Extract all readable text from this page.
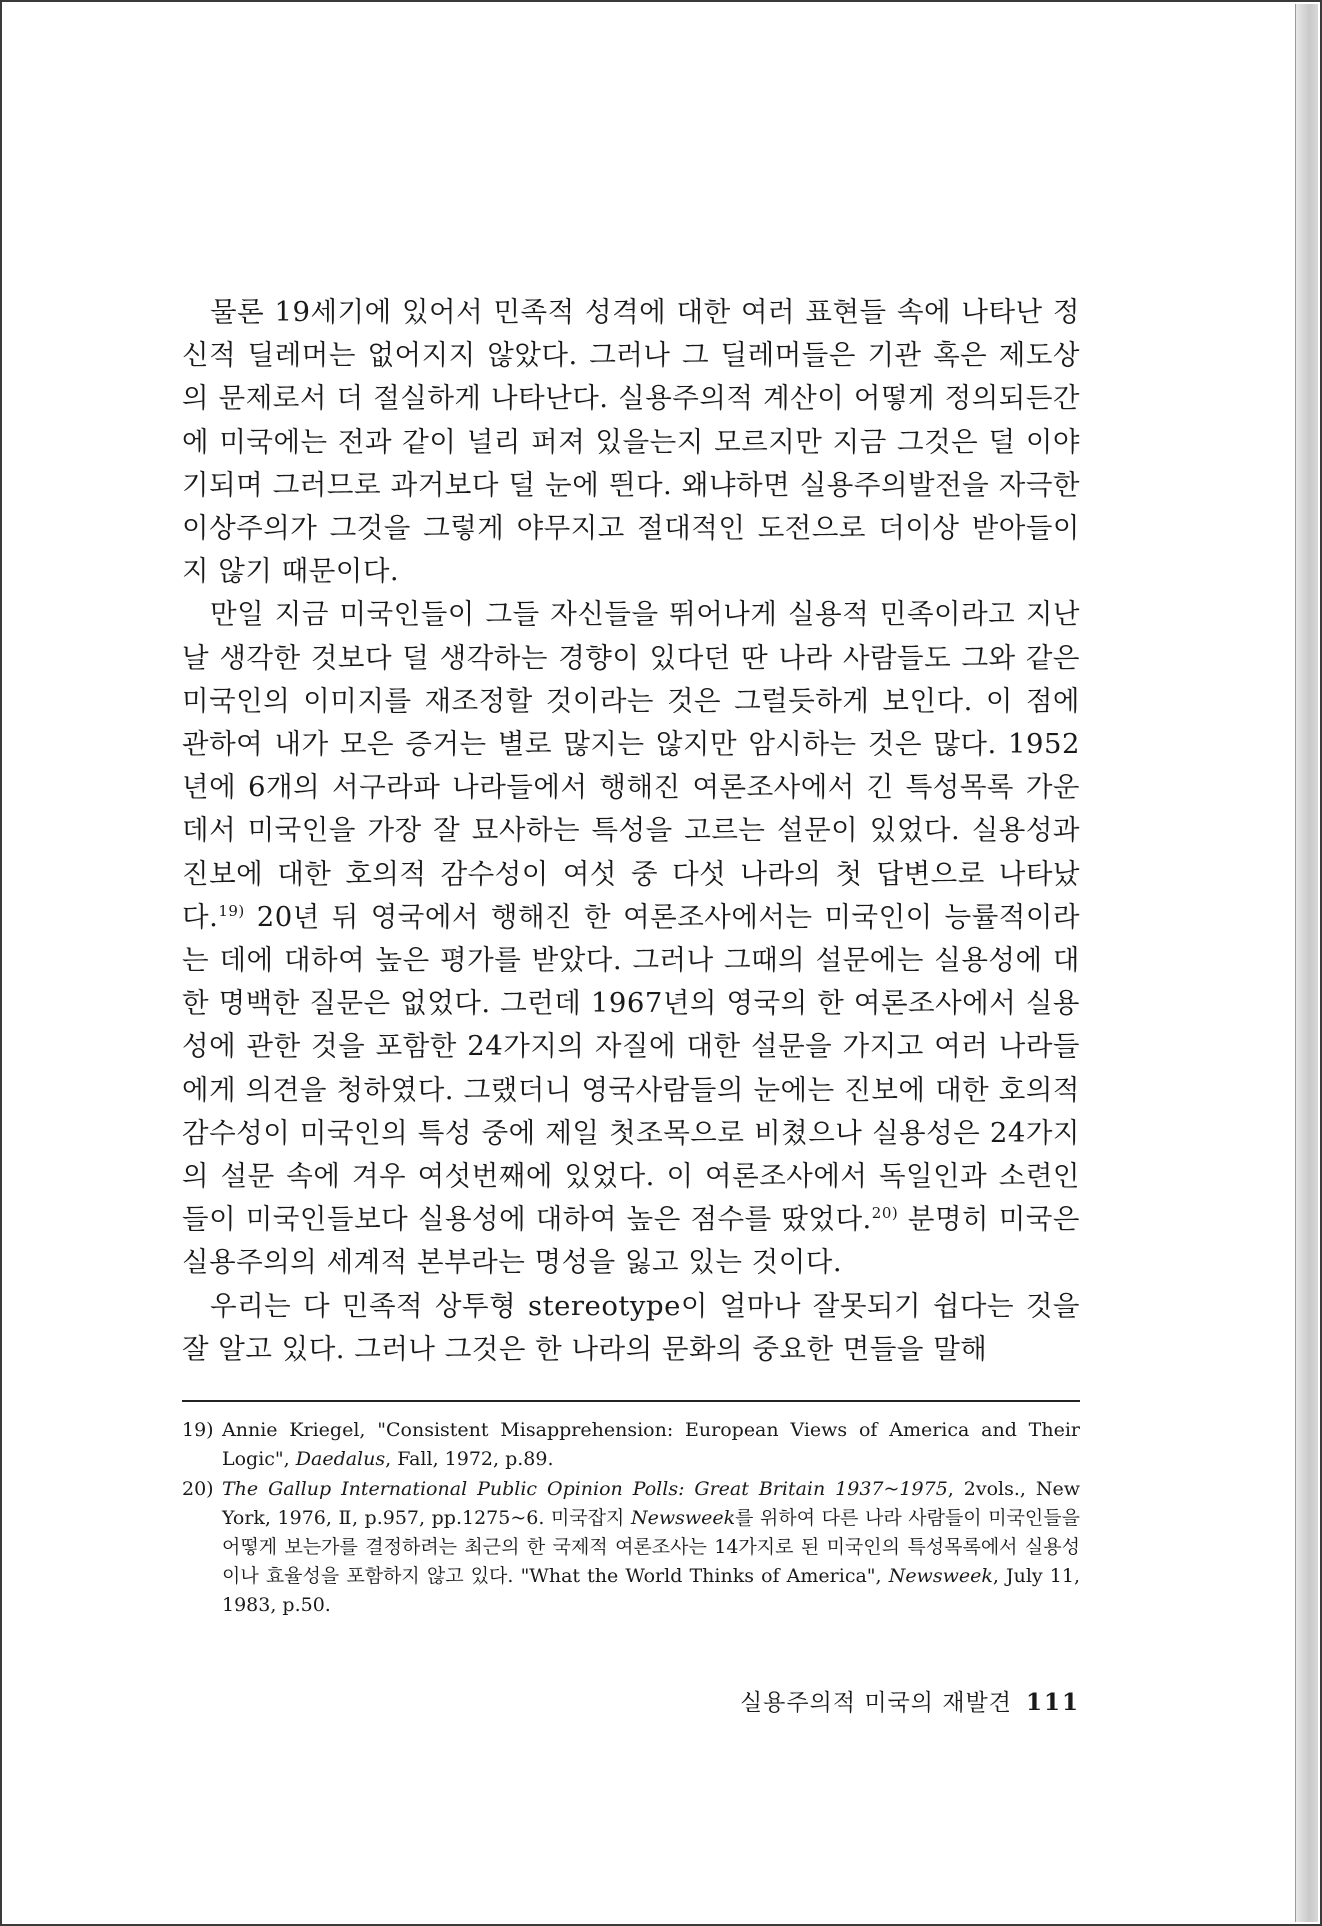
물론 19세기에 있어서 민족적 성격에 대한 여러 표현들 속에 나타난 정신적 딜레머는 없어지지 않았다. 그러나 그 딜레머들은 기관 혹은 제도상의 문제로서 더 절실하게 나타난다. 실용주의적 계산이 어떻게 정의되든간에 미국에는 전과 같이 널리 퍼져 있을는지 모르지만 지금 그것은 덜 이야기되며 그러므로 과거보다 덜 눈에 띈다. 왜냐하면 실용주의발전을 자극한 이상주의가 그것을 그렇게 야무지고 절대적인 도전으로 더이상 받아들이지 않기 때문이다.

만일 지금 미국인들이 그들 자신들을 뛰어나게 실용적 민족이라고 지난날 생각한 것보다 덜 생각하는 경향이 있다던 딴 나라 사람들도 그와 같은 미국인의 이미지를 재조정할 것이라는 것은 그럴듯하게 보인다. 이 점에 관하여 내가 모은 증거는 별로 많지는 않지만 암시하는 것은 많다. 1952년에 6개의 서구라파 나라들에서 행해진 여론조사에서 긴 특성목록 가운데서 미국인을 가장 잘 묘사하는 특성을 고르는 설문이 있었다. 실용성과 진보에 대한 호의적 감수성이 여섯 중 다섯 나라의 첫 답변으로 나타났다.$^{19)}$ 20년 뒤 영국에서 행해진 한 여론조사에서는 미국인이 능률적이라는 데에 대하여 높은 평가를 받았다. 그러나 그때의 설문에는 실용성에 대한 명백한 질문은 없었다. 그런데 1967년의 영국의 한 여론조사에서 실용성에 관한 것을 포함한 24가지의 자질에 대한 설문을 가지고 여러 나라들에게 의견을 청하였다. 그랬더니 영국사람들의 눈에는 진보에 대한 호의적 감수성이 미국인의 특성 중에 제일 첫조목으로 비쳤으나 실용성은 24가지의 설문 속에 겨우 여섯번째에 있었다. 이 여론조사에서 독일인과 소련인들이 미국인들보다 실용성에 대하여 높은 점수를 땄었다.$^{20)}$ 분명히 미국은 실용주의의 세계적 본부라는 명성을 잃고 있는 것이다.

우리는 다 민족적 상투형 stereotype이 얼마나 잘못되기 쉽다는 것을 잘 알고 있다. 그러나 그것은 한 나라의 문화의 중요한 면들을 말해

19) Annie Kriegel, "Consistent Misapprehension: European Views of America and Their Logic", Daedalus, Fall, 1972, p.89.
20) The Gallup International Public Opinion Polls: Great Britain 1937~1975, 2vols., New York, 1976, Ⅱ, p.957, pp.1275~6. 미국잡지 Newsweek를 위하여 다른 나라 사람들이 미국인들을 어떻게 보는가를 결정하려는 최근의 한 국제적 여론조사는 14가지로 된 미국인의 특성목록에서 실용성이나 효율성을 포함하지 않고 있다. "What the World Thinks of America", Newsweek, July 11, 1983, p.50.
실용주의적 미국의 재발견 111
